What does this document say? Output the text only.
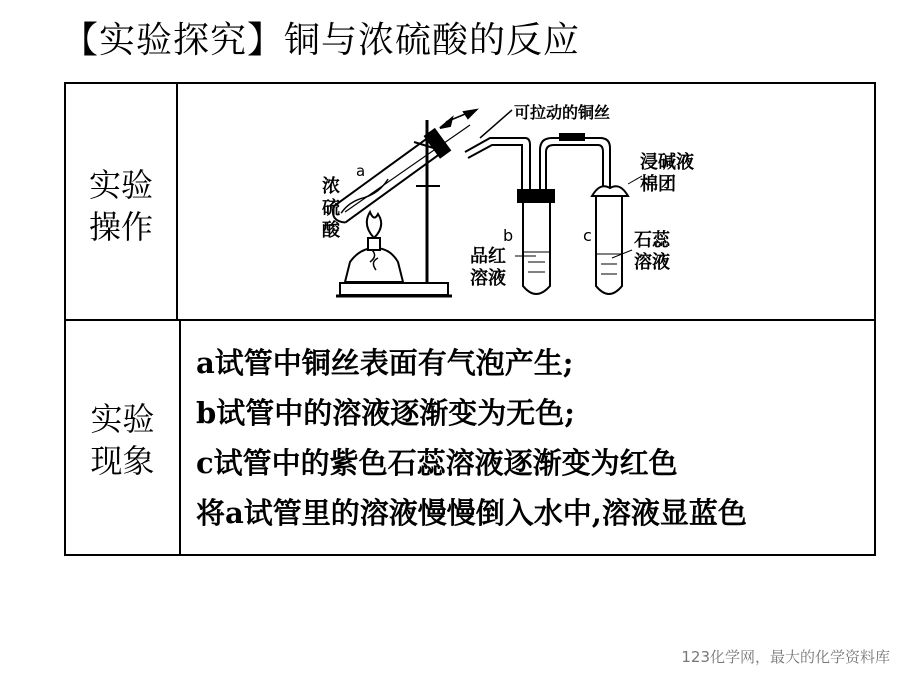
【实验探究】铜与浓硫酸的反应
实验
操作
实验
现象
可拉动的铜丝
浓
硫
酸
a
b
品红
溶液
c
浸碱液
棉团
石蕊
溶液
a试管中铜丝表面有气泡产生;
b试管中的溶液逐渐变为无色;
c试管中的紫色石蕊溶液逐渐变为红色
将a试管里的溶液慢慢倒入水中,溶液显蓝色
123化学网，最大的化学资料库
